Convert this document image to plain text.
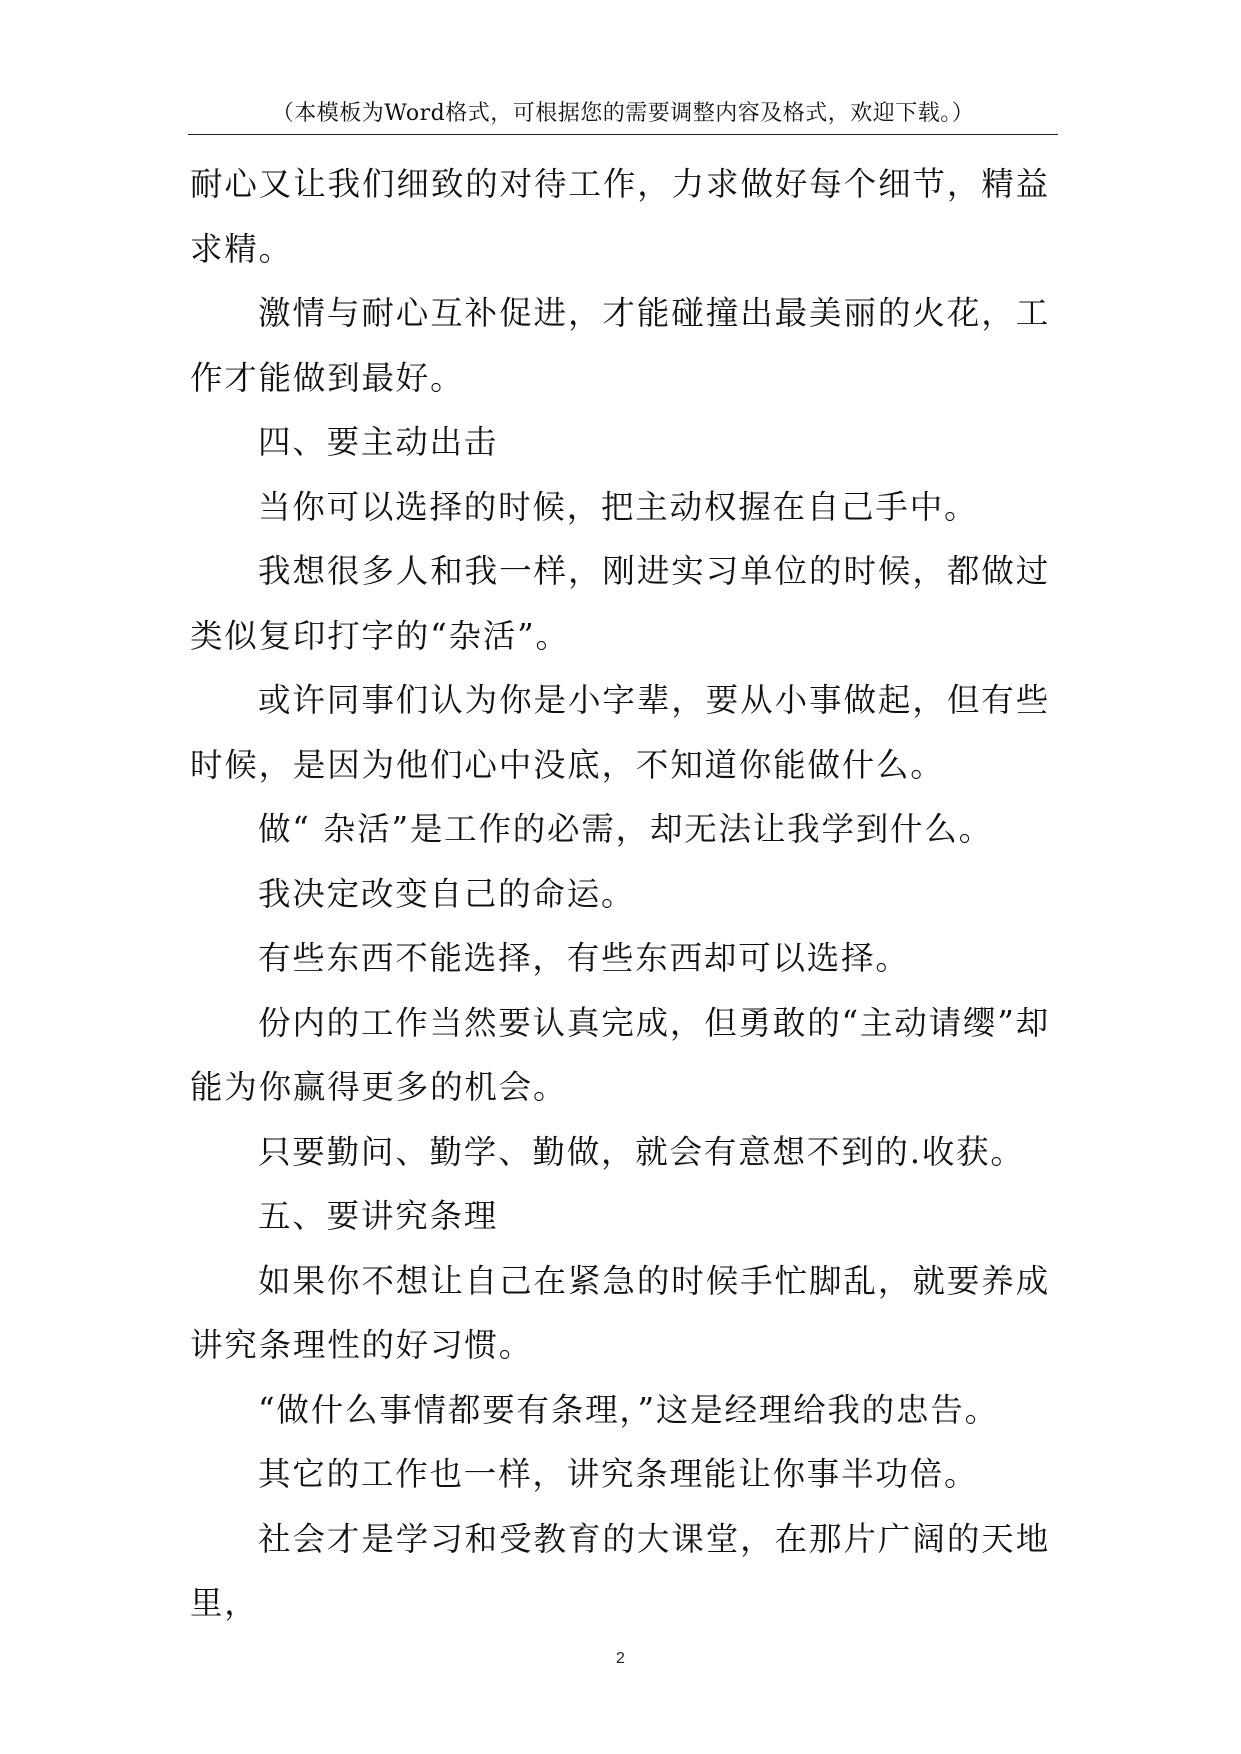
（本模板为Word格式，可根据您的需要调整内容及格式，欢迎下载。）

耐心又让我们细致的对待工作，力求做好每个细节，精益求精。

激情与耐心互补促进，才能碰撞出最美丽的火花，工作才能做到最好。

四、要主动出击

当你可以选择的时候，把主动权握在自己手中。

我想很多人和我一样，刚进实习单位的时候，都做过类似复印打字的“杂活”。

或许同事们认为你是小字辈，要从小事做起，但有些时候，是因为他们心中没底，不知道你能做什么。

做“ 杂活”是工作的必需，却无法让我学到什么。

我决定改变自己的命运。

有些东西不能选择，有些东西却可以选择。

份内的工作当然要认真完成，但勇敢的“主动请缨”却能为你赢得更多的机会。

只要勤问、勤学、勤做，就会有意想不到的.收获。

五、要讲究条理

如果你不想让自己在紧急的时候手忙脚乱，就要养成讲究条理性的好习惯。

“做什么事情都要有条理，”这是经理给我的忠告。

其它的工作也一样，讲究条理能让你事半功倍。

社会才是学习和受教育的大课堂，在那片广阔的天地里，

2
